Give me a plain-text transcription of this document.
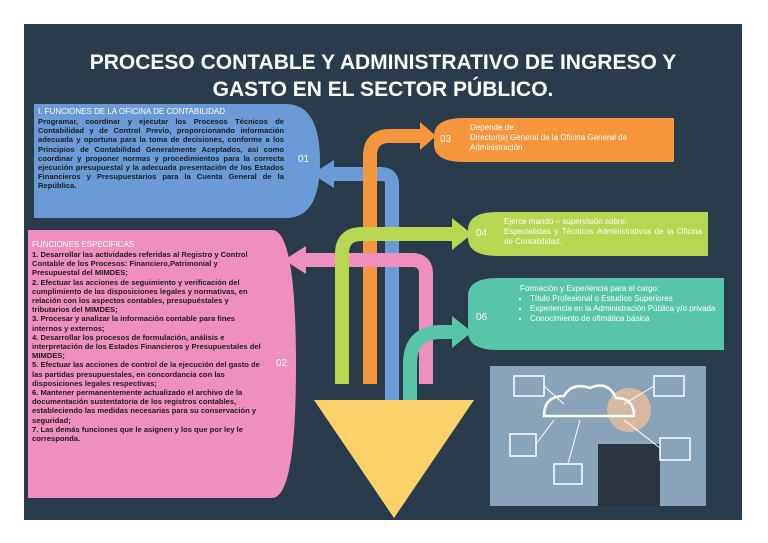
PROCESO CONTABLE Y ADMINISTRATIVO DE INGRESO Y
GASTO EN EL SECTOR PÚBLICO.
I. FUNCIONES DE LA OFICINA DE CONTABILIDAD
Programar, coordinar y ejecutar los Procesos Técnicos de Contabilidad y de Control Previo, proporcionando información adecuada y oportuna para la toma de decisiones, conforme a los Principios de Contabilidad Generalmente Aceptados, así como coordinar y proponer normas y procedimientos para la correcta ejecución presupuestal y la adecuada presentación de los Estados Financieros y Presupuestarios para la Cuenta General de la República.
01
FUNCIONES ESPECÍFICAS
1. Desarrollar las actividades referidas al Registro y Control Contable de los Procesos: Financiero,Patrimonial y Presupuestal del MIMDES;
2. Efectuar las acciones de seguimiento y verificación del cumplimiento de las disposiciones legales y normativas, en relación con los aspectos contables, presupuéstales y tributarios del MIMDES;
3. Procesar y analizar la información contable para fines internos y externos;
4. Desarrollar los procesos de formulación, análisis e interpretación de los Estados Financieros y Presupuestales del MIMDES;
5. Efectuar las acciones de control de la ejecución del gasto de las partidas presupuestales, en concordancia con las disposiciones legales respectivas;
6. Mantener permanentemente actualizado el archivo de la documentación sustentatoria de los registros contables, estableciendo las medidas necesarias para su conservación y seguridad;
7. Las demás funciones que le asignen y los que por ley le corresponda.
02
03
Depende de:
Director(a) General de la Oficina General de Administración
04
Ejerce mando – supervisión sobre:
Especialistas y Técnicos Administrativos de la Oficina de Contabilidad.
06
Formación y Experiencia para el cargo:
• Título Profesional o Estudios Superiores
• Experiencia en la Administración Pública y/o privada
• Conocimiento de ofimática básica
